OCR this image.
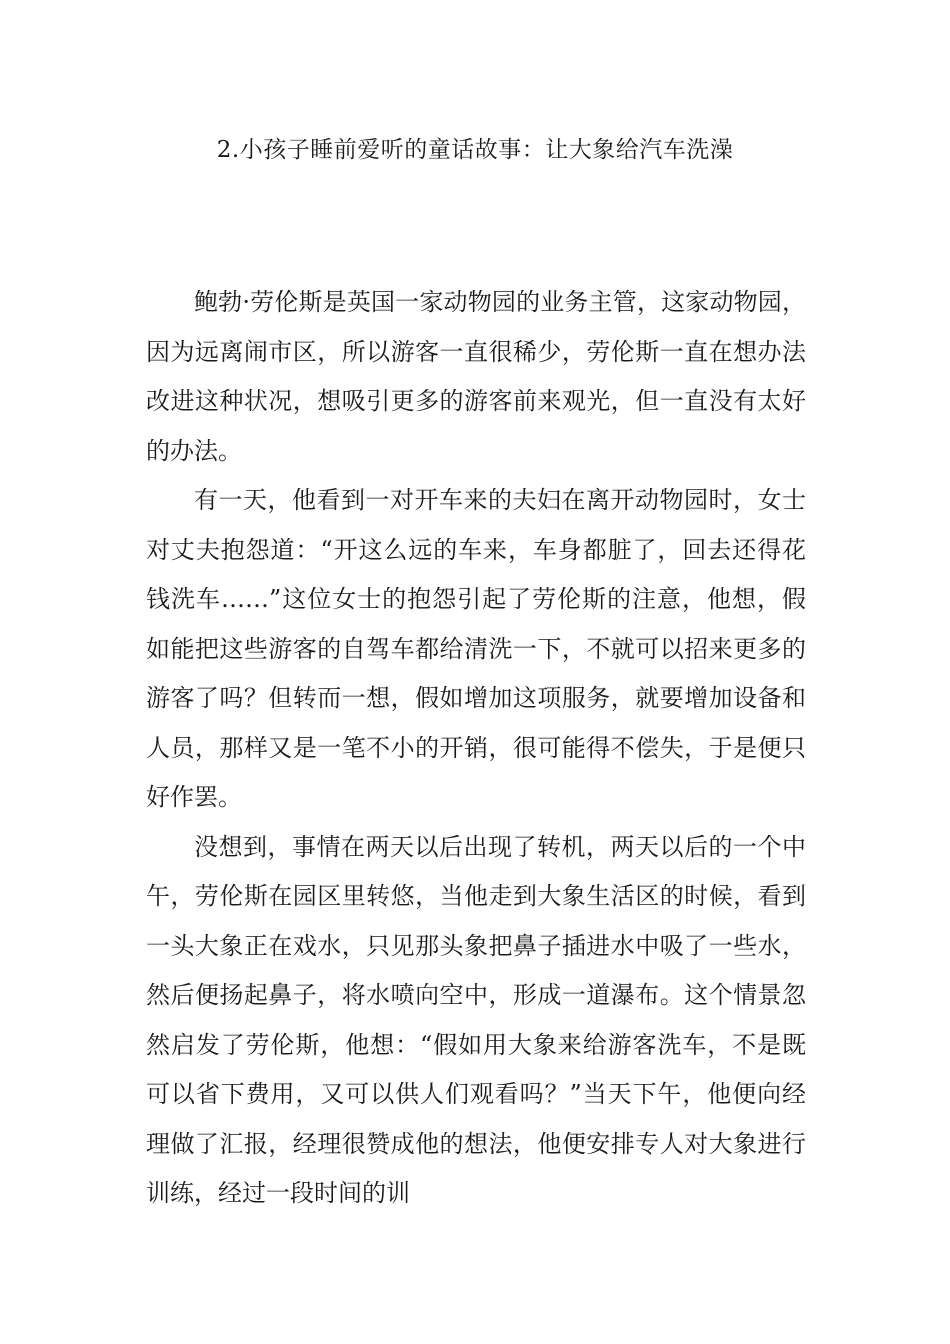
2.小孩子睡前爱听的童话故事：让大象给汽车洗澡

鲍勃·劳伦斯是英国一家动物园的业务主管，这家动物园，因为远离闹市区，所以游客一直很稀少，劳伦斯一直在想办法改进这种状况，想吸引更多的游客前来观光，但一直没有太好的办法。

有一天，他看到一对开车来的夫妇在离开动物园时，女士对丈夫抱怨道：“开这么远的车来，车身都脏了，回去还得花钱洗车……”这位女士的抱怨引起了劳伦斯的注意，他想，假如能把这些游客的自驾车都给清洗一下，不就可以招来更多的游客了吗？但转而一想，假如增加这项服务，就要增加设备和人员，那样又是一笔不小的开销，很可能得不偿失，于是便只好作罢。

没想到，事情在两天以后出现了转机，两天以后的一个中午，劳伦斯在园区里转悠，当他走到大象生活区的时候，看到一头大象正在戏水，只见那头象把鼻子插进水中吸了一些水，然后便扬起鼻子，将水喷向空中，形成一道瀑布。这个情景忽然启发了劳伦斯，他想：“假如用大象来给游客洗车，不是既可以省下费用，又可以供人们观看吗？”当天下午，他便向经理做了汇报，经理很赞成他的想法，他便安排专人对大象进行训练，经过一段时间的训
